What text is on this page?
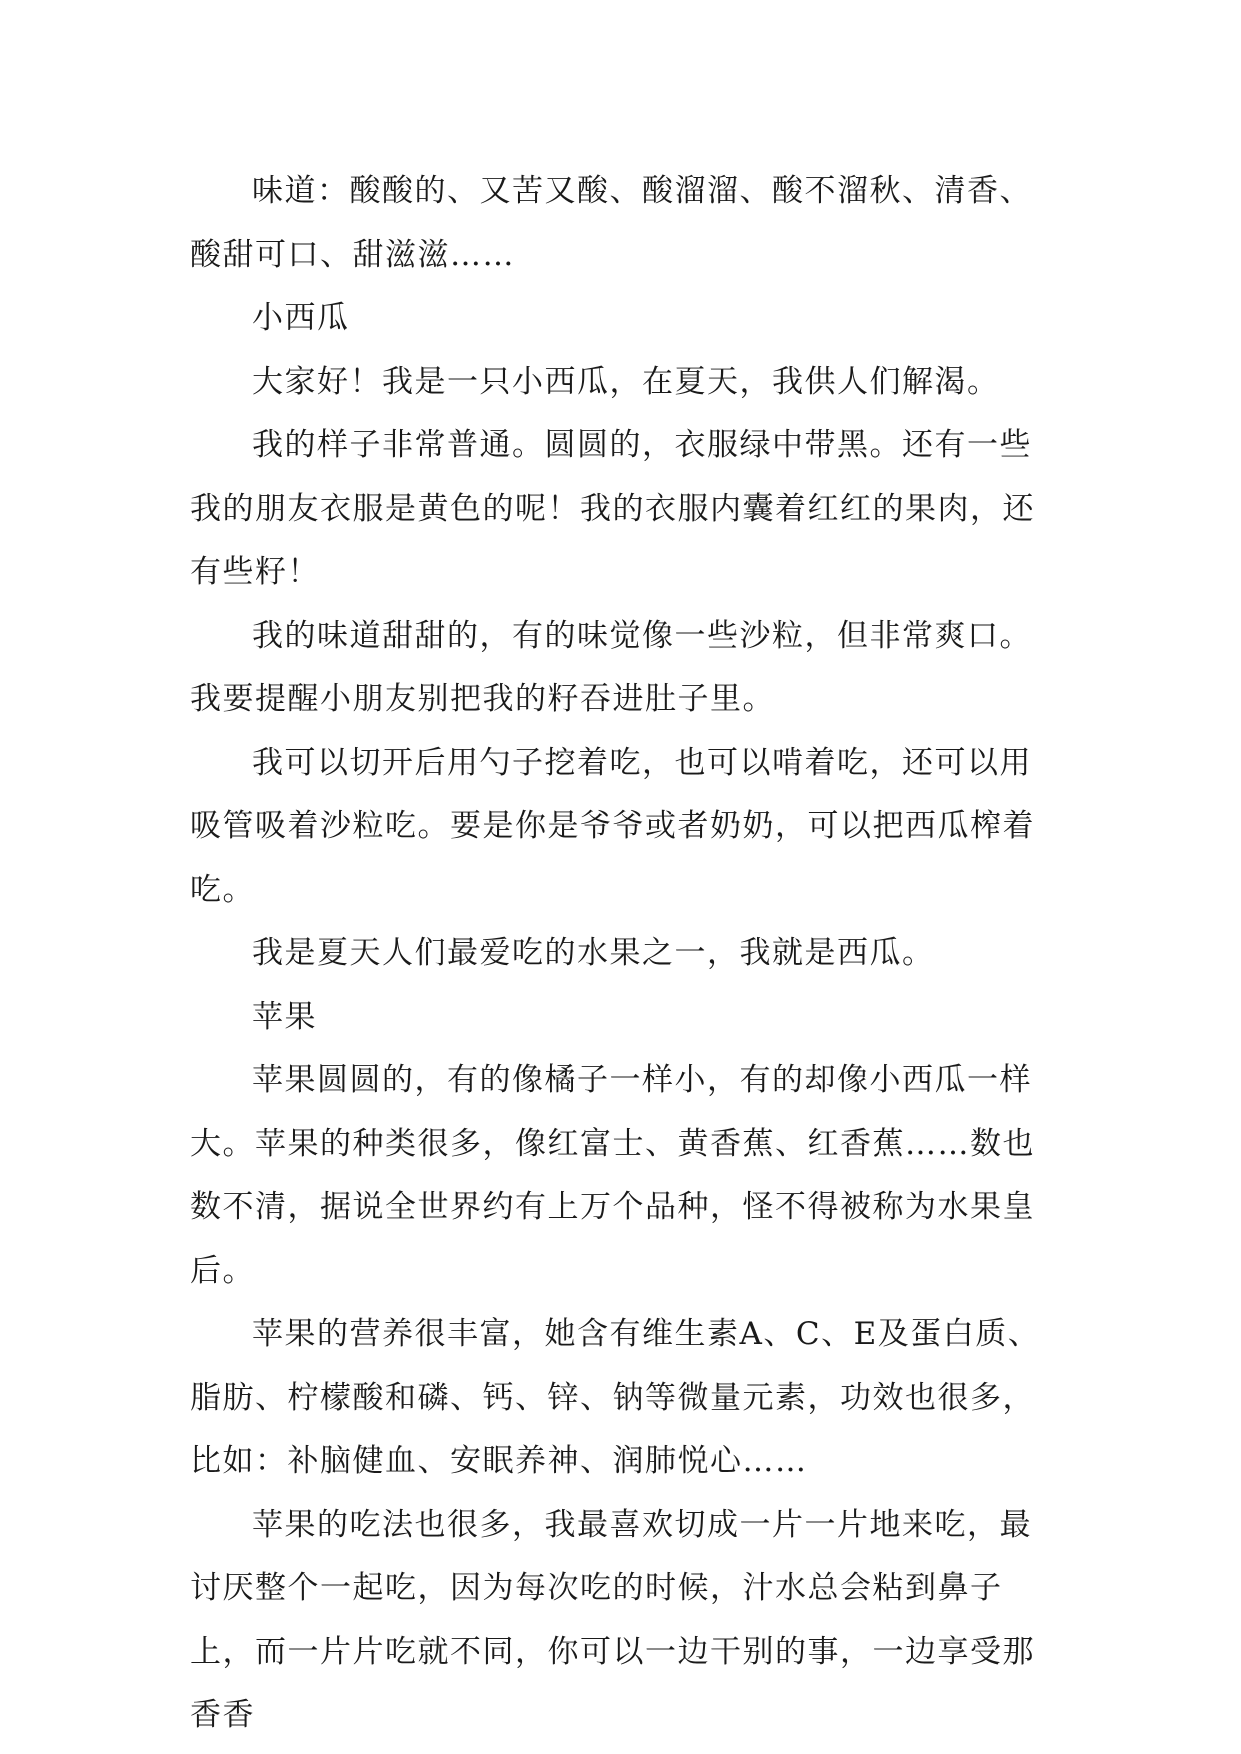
味道：酸酸的、又苦又酸、酸溜溜、酸不溜秋、清香、酸甜可口、甜滋滋……

小西瓜

大家好！我是一只小西瓜，在夏天，我供人们解渴。

我的样子非常普通。圆圆的，衣服绿中带黑。还有一些我的朋友衣服是黄色的呢！我的衣服内囊着红红的果肉，还有些籽！

我的味道甜甜的，有的味觉像一些沙粒，但非常爽口。我要提醒小朋友别把我的籽吞进肚子里。

我可以切开后用勺子挖着吃，也可以啃着吃，还可以用吸管吸着沙粒吃。要是你是爷爷或者奶奶，可以把西瓜榨着吃。

我是夏天人们最爱吃的水果之一，我就是西瓜。

苹果

苹果圆圆的，有的像橘子一样小，有的却像小西瓜一样大。苹果的种类很多，像红富士、黄香蕉、红香蕉……数也数不清，据说全世界约有上万个品种，怪不得被称为水果皇后。

苹果的营养很丰富，她含有维生素A、C、E及蛋白质、脂肪、柠檬酸和磷、钙、锌、钠等微量元素，功效也很多，比如：补脑健血、安眠养神、润肺悦心……

苹果的吃法也很多，我最喜欢切成一片一片地来吃，最讨厌整个一起吃，因为每次吃的时候，汁水总会粘到鼻子上，而一片片吃就不同，你可以一边干别的事，一边享受那香香
